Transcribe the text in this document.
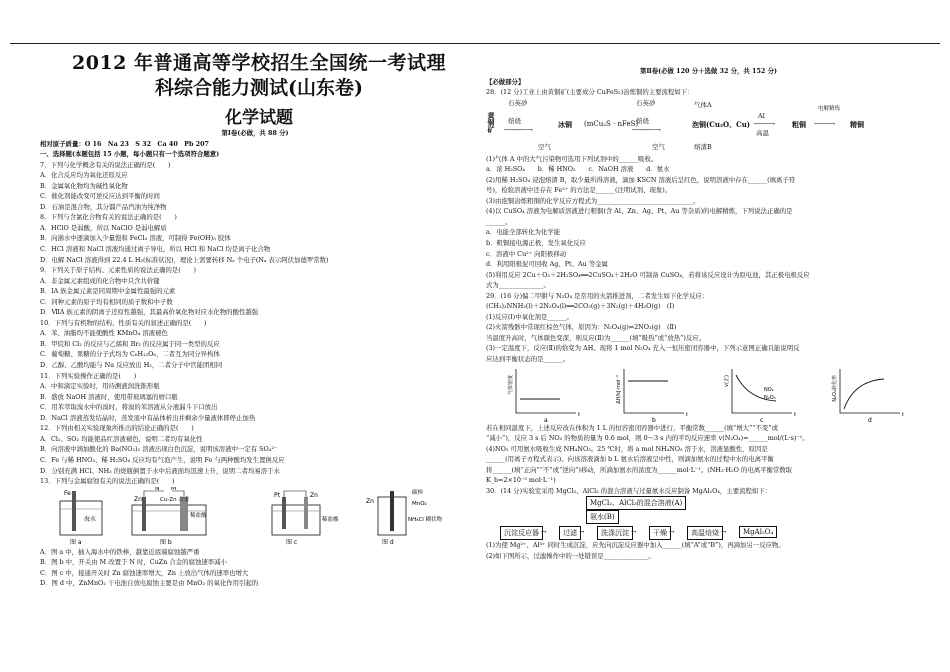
2012 年普通高等学校招生全国统一考试理
科综合能力测试(山东卷)
化学试题
第Ⅰ卷(必做，共 88 分)
相对原子质量：O 16　Na 23　S 32　Ca 40　Pb 207
一、选择题(本题包括 15 小题，每小题只有一个选项符合题意)
7．下列与化学概念有关的说法正确的是(　　)
A．化合反应均为氧化还原反应
B．金属氧化物均为碱性氧化物
C．催化剂能改变可逆反应达到平衡的时间
D．石油是混合物，其分馏产品汽油为纯净物
8．下列与含氯化合物有关的说法正确的是(　　)
A．HClO 是弱酸，所以 NaClO 是弱电解质
B．向沸水中逐滴加入少量饱和 FeCl₃ 溶液，可制得 Fe(OH)₃ 胶体
C．HCl 溶液和 NaCl 溶液均通过离子导电，所以 HCl 和 NaCl 均是离子化合物
D．电解 NaCl 溶液得到 22.4 L H₂(标准状况)，理论上需要转移 Nₐ 个电子(Nₐ 表示阿伏加德罗常数)
9．下列关于原子结构、元素性质的说法正确的是(　　)
A．非金属元素组成的化合物中只含共价键
B．ⅠA 族金属元素是同周期中金属性最强的元素
C．同种元素的原子均有相同的质子数和中子数
D．ⅦA 族元素的阴离子还原性越强，其最高价氧化物对应水化物的酸性越强
10．下列与有机物的结构、性质有关的叙述正确的是(　　)
A．苯、油脂均不能使酸性 KMnO₄ 溶液褪色
B．甲烷和 Cl₂ 的反应与乙烯和 Br₂ 的反应属于同一类型的反应
C．葡萄糖、果糖的分子式均为 C₆H₁₂O₆，二者互为同分异构体
D．乙醇、乙酸均能与 Na 反应放出 H₂，二者分子中官能团相同
11．下列实验操作正确的是(　　)
A．中和滴定实验时，用待测液润洗锥形瓶
B．盛放 NaOH 溶液时，使用带玻璃塞的磨口瓶
C．用苯萃取溴水中的溴时，将溴的苯溶液从分液漏斗下口放出
D．NaCl 溶液蒸发结晶时，蒸发皿中有晶体析出并剩余少量液体即停止加热
12．下列由相关实验现象所推出的结论正确的是(　　)
A．Cl₂、SO₂ 均能使品红溶液褪色，说明二者均有氧化性
B．向溶液中滴加酸化的 Ba(NO₃)₂ 溶液出现白色沉淀，说明该溶液中一定有 SO₄²⁻
C．Fe 与稀 HNO₃、稀 H₂SO₄ 反应均有气泡产生，说明 Fe 与两种酸均发生置换反应
D．分别充满 HCl、NH₃ 的烧瓶倒置于水中后液面均迅速上升，说明二者均易溶于水
13．下列与金属腐蚀有关的说法正确的是(　　)
Fe
海水
图 a
N M
Cu-Zn 合金
Zn
稀盐酸
图 b
Pt	Zn
稀盐酸
图 c
碳棒
Zn	MnO₂
NH₄Cl 糊状物
图 d
A．图 a 中，插入海水中的铁棒，越靠近底端腐蚀越严重
B．图 b 中，开关由 M 改置于 N 时，CuZn 合金的腐蚀速率减小
C．图 c 中，接通开关时 Zn 腐蚀速率增大，Zn 上放出气体的速率也增大
D．图 d 中，ZnMnO₂ 干电池自放电腐蚀主要是由 MnO₂ 的氧化作用引起的
第Ⅱ卷(必做 120 分＋选做 32 分，共 152 分)
【必做部分】
28．(12 分)工业上由黄铜矿(主要成分 CuFeS₂)冶炼铜的主要流程如下：
石英砂
黄铜矿 焙烧
──────→
冰铜 (mCu₂S · nFeS)
石英砂
焙烧
──────→
气体A
泡铜(Cu₂O、Cu)
Al
────→
高温
粗铜
电解精炼
────→ 精铜
空气	空气	熔渣B
(1)气体 A 中的大气污染物可选用下列试剂中的______吸收。
a．浓 H₂SO₄　　b．稀 HNO₃　　c．NaOH 溶液　　d．氨水
(2)用稀 H₂SO₄ 浸泡熔渣 B，取少量所得溶液，滴加 KSCN 溶液后呈红色，说明溶液中存在______(填离子符
号)，检验溶液中还存在 Fe²⁺ 的方法是______(注明试剂、现象)。
(3)由泡铜冶炼粗铜的化学反应方程式为______________________________。
(4)以 CuSO₄ 溶液为电解质溶液进行粗铜(含 Al、Zn、Ag、Pt、Au 等杂质)的电解精炼，下列说法正确的是
______。
a．电能全部转化为化学能
b．粗铜接电源正极，发生氧化反应
c．溶液中 Cu²⁺ 向阳极移动
d．利用阳极泥可回收 Ag、Pt、Au 等金属
(5)利用反应 2Cu＋O₂＋2H₂SO₄══2CuSO₄＋2H₂O 可制备 CuSO₄，若将该反应设计为原电池，其正极电极反应
式为______________。
29．(16 分)偏二甲肼与 N₂O₄ 是常用的火箭推进剂，二者发生如下化学反应：
(CH₃)₂NNH₂(l)＋2N₂O₄(l)══2CO₂(g)＋3N₂(g)＋4H₂O(g)　(Ⅰ)
(1)反应(Ⅰ)中氧化剂是______。
(2)火箭残骸中常现红棕色气体，原因为：N₂O₄(g)⇌2NO₂(g)　(Ⅱ)
当温度升高时，气体颜色变深，则反应(Ⅱ)为______(填“吸热”或“放热”)反应。
(3)一定温度下，反应(Ⅱ)的焓变为 ΔH。现将 1 mol N₂O₄ 充入一恒压密闭容器中，下列示意图正确且能说明反
应达到平衡状态的是______。
气体密度
a
t
ΔH/kJ·mol⁻¹
b
t
v(正)
c
t
NO₂
N₂O₄	N₂O₄转化率
d
t
若在相同温度下，上述反应改在体积为 1 L 的恒容密闭容器中进行，平衡常数______(填“增大”“不变”或
“减小”)，反应 3 s 后 NO₂ 的物质的量为 0.6 mol，则 0～3 s 内的平均反应速率 v(N₂O₄)=______mol/(L·s)⁻¹。
(4)NO₂ 可用氨水吸收生成 NH₄NO₃。25 ℃时，将 a mol NH₄NO₃ 溶于水，溶液显酸性，原因是
______(用离子方程式表示)。向该溶液滴加 b L 氨水后溶液呈中性，则滴加氨水的过程中水的电离平衡
将______(填“正向”“不”或“逆向”)移动，所滴加氨水的浓度为______mol·L⁻¹。(NH₃·H₂O 的电离平衡常数取
K_b=2×10⁻⁵ mol·L⁻¹)
30．(14 分)实验室采用 MgCl₂、AlCl₃ 的混合溶液与过量氨水反应制备 MgAl₂O₄，主要流程如下：
MgCl₂、AlCl₃的混合溶液(A)
氨水(B)
沉淀反应器 →	过滤 →	洗涤沉淀 →	干燥 →	高温焙烧 →	MgAl₂O₄
(1)为使 Mg²⁺、Al³⁺ 同时生成沉淀，应先向沉淀反应器中加入______(填“A”或“B”)，再滴加另一反应物。
(2)如下图所示，过滤操作中的一处错误是______________。
